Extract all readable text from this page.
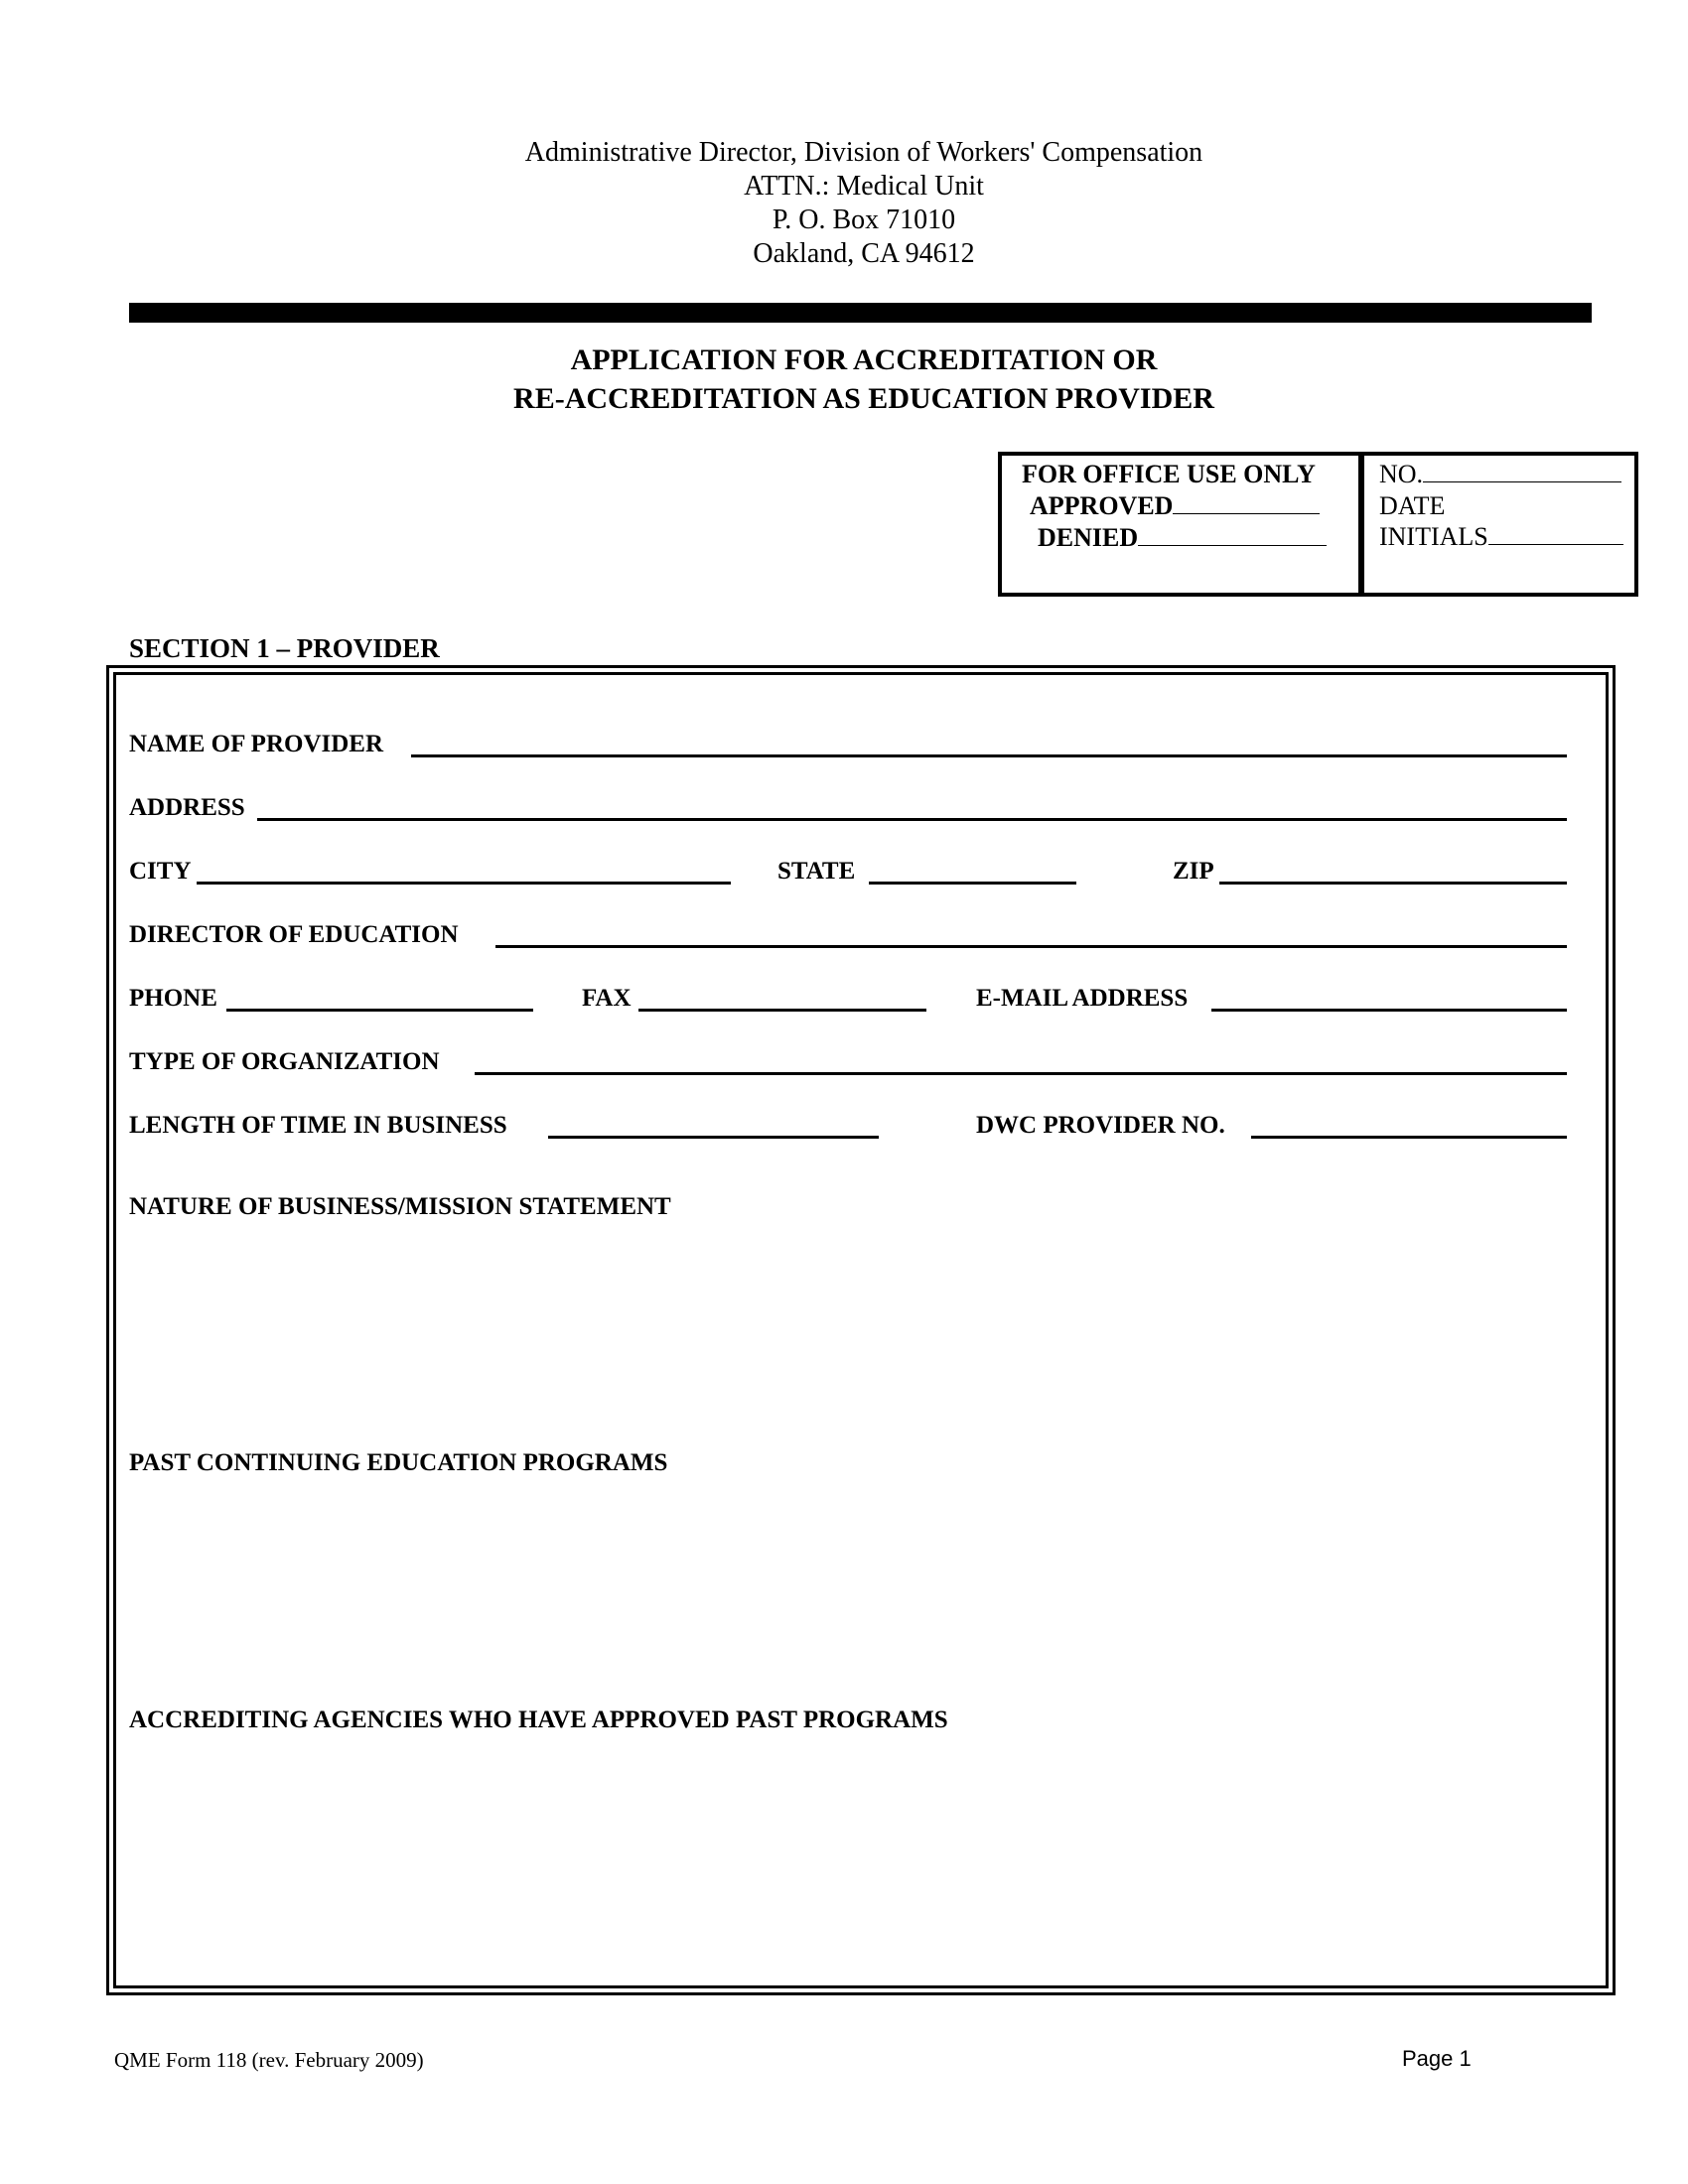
Administrative Director, Division of Workers' Compensation
ATTN.: Medical Unit
P. O. Box 71010
Oakland, CA 94612
APPLICATION FOR ACCREDITATION OR
RE-ACCREDITATION AS EDUCATION PROVIDER
FOR OFFICE USE ONLY
APPROVED
DENIED
NO.
DATE
INITIALS
SECTION 1 – PROVIDER
NAME OF PROVIDER
ADDRESS
CITY	STATE	ZIP
DIRECTOR OF EDUCATION
PHONE	FAX	E-MAIL ADDRESS
TYPE OF ORGANIZATION
LENGTH OF TIME IN BUSINESS	DWC PROVIDER NO.
NATURE OF BUSINESS/MISSION STATEMENT
PAST CONTINUING EDUCATION PROGRAMS
ACCREDITING AGENCIES WHO HAVE APPROVED PAST PROGRAMS
QME Form 118 (rev. February 2009)	Page 1
